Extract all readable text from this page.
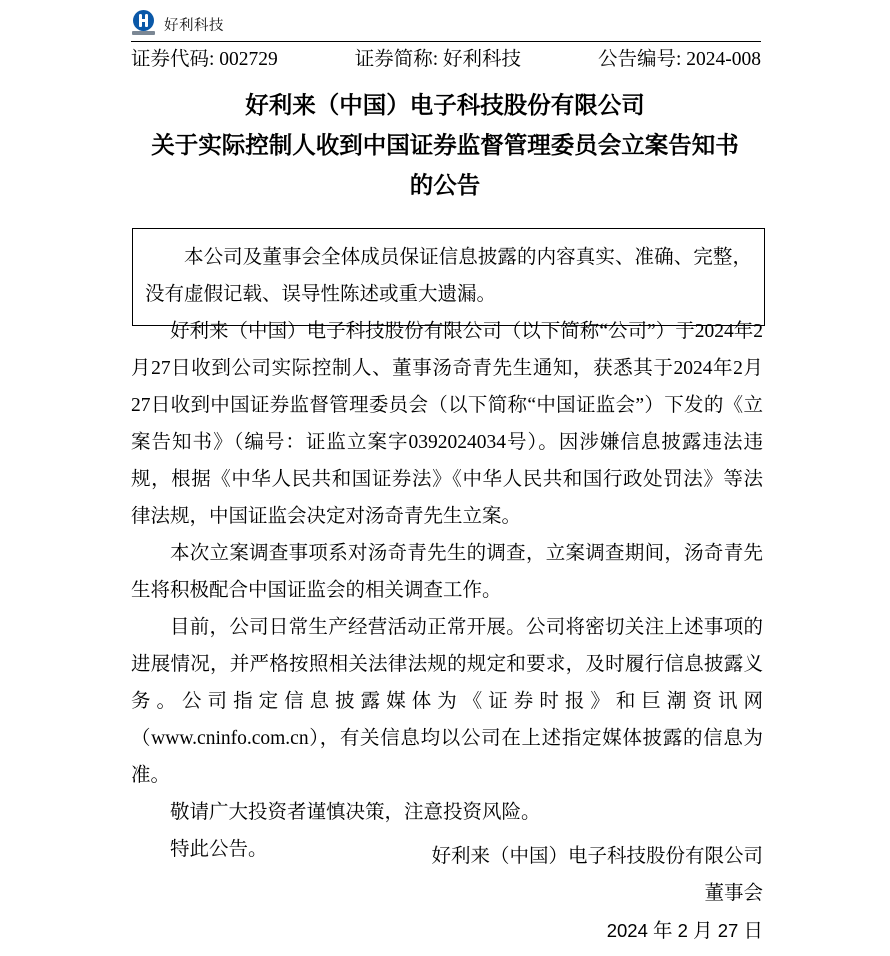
好利科技
证券代码: 002729	证券简称: 好利科技	公告编号: 2024-008
好利来（中国）电子科技股份有限公司
关于实际控制人收到中国证券监督管理委员会立案告知书
的公告

本公司及董事会全体成员保证信息披露的内容真实、准确、完整，没有虚假记载、误导性陈述或重大遗漏。

好利来（中国）电子科技股份有限公司（以下简称“公司”）于2024年2月27日收到公司实际控制人、董事汤奇青先生通知，获悉其于2024年2月27日收到中国证券监督管理委员会（以下简称“中国证监会”）下发的《立案告知书》（编号：证监立案字0392024034号）。因涉嫌信息披露违法违规，根据《中华人民共和国证券法》《中华人民共和国行政处罚法》等法律法规，中国证监会决定对汤奇青先生立案。

本次立案调查事项系对汤奇青先生的调查，立案调查期间，汤奇青先生将积极配合中国证监会的相关调查工作。

目前，公司日常生产经营活动正常开展。公司将密切关注上述事项的进展情况，并严格按照相关法律法规的规定和要求，及时履行信息披露义务。公司指定信息披露媒体为《证券时报》和巨潮资讯网（www.cninfo.com.cn），有关信息均以公司在上述指定媒体披露的信息为准。

敬请广大投资者谨慎决策，注意投资风险。

特此公告。	好利来（中国）电子科技股份有限公司
董事会
2024 年 2 月 27 日
